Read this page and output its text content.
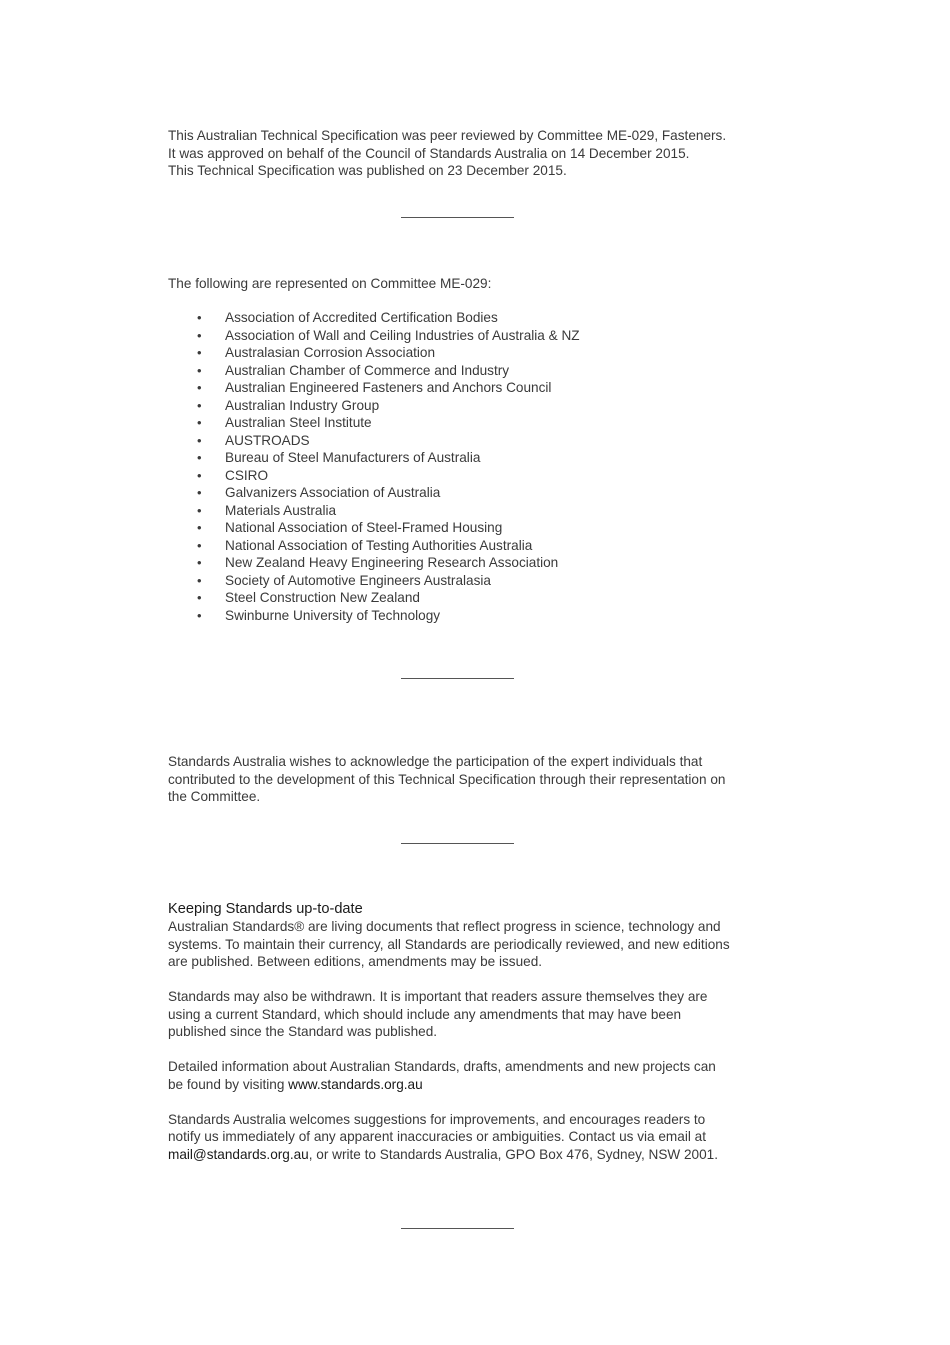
This Australian Technical Specification was peer reviewed by Committee ME-029, Fasteners.

It was approved on behalf of the Council of Standards Australia on 14 December 2015.

This Technical Specification was published on 23 December 2015.

The following are represented on Committee ME-029:

• Association of Accredited Certification Bodies
• Association of Wall and Ceiling Industries of Australia & NZ
• Australasian Corrosion Association
• Australian Chamber of Commerce and Industry
• Australian Engineered Fasteners and Anchors Council
• Australian Industry Group
• Australian Steel Institute
• AUSTROADS
• Bureau of Steel Manufacturers of Australia
• CSIRO
• Galvanizers Association of Australia
• Materials Australia
• National Association of Steel-Framed Housing
• National Association of Testing Authorities Australia
• New Zealand Heavy Engineering Research Association
• Society of Automotive Engineers Australasia
• Steel Construction New Zealand
• Swinburne University of Technology

Standards Australia wishes to acknowledge the participation of the expert individuals that

contributed to the development of this Technical Specification through their representation on

the Committee.

Keeping Standards up-to-date

Australian Standards® are living documents that reflect progress in science, technology and

systems. To maintain their currency, all Standards are periodically reviewed, and new editions

are published. Between editions, amendments may be issued.

Standards may also be withdrawn. It is important that readers assure themselves they are

using a current Standard, which should include any amendments that may have been

published since the Standard was published.

Detailed information about Australian Standards, drafts, amendments and new projects can

be found by visiting www.standards.org.au

Standards Australia welcomes suggestions for improvements, and encourages readers to

notify us immediately of any apparent inaccuracies or ambiguities. Contact us via email at

mail@standards.org.au, or write to Standards Australia, GPO Box 476, Sydney, NSW 2001.
